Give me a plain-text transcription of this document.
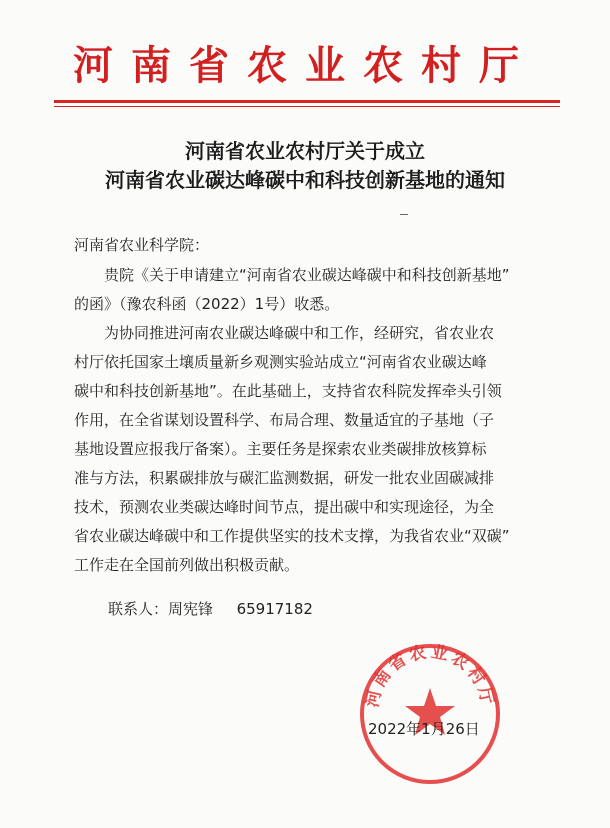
河南省农业农村厅
河南省农业农村厅关于成立
河南省农业碳达峰碳中和科技创新基地的通知
河南省农业科学院：
贵院《关于申请建立“河南省农业碳达峰碳中和科技创新基地”
的函》（豫农科函（2022）1号）收悉。
为协同推进河南农业碳达峰碳中和工作，经研究，省农业农
村厅依托国家土壤质量新乡观测实验站成立“河南省农业碳达峰
碳中和科技创新基地”。在此基础上，支持省农科院发挥牵头引领
作用，在全省谋划设置科学、布局合理、数量适宜的子基地（子
基地设置应报我厅备案）。主要任务是探索农业类碳排放核算标
准与方法，积累碳排放与碳汇监测数据，研发一批农业固碳减排
技术，预测农业类碳达峰时间节点，提出碳中和实现途径，为全
省农业碳达峰碳中和工作提供坚实的技术支撑，为我省农业“双碳”
工作走在全国前列做出积极贡献。
联系人：周宪锋 65917182
河南省农业农村厅
2022年1月26日
